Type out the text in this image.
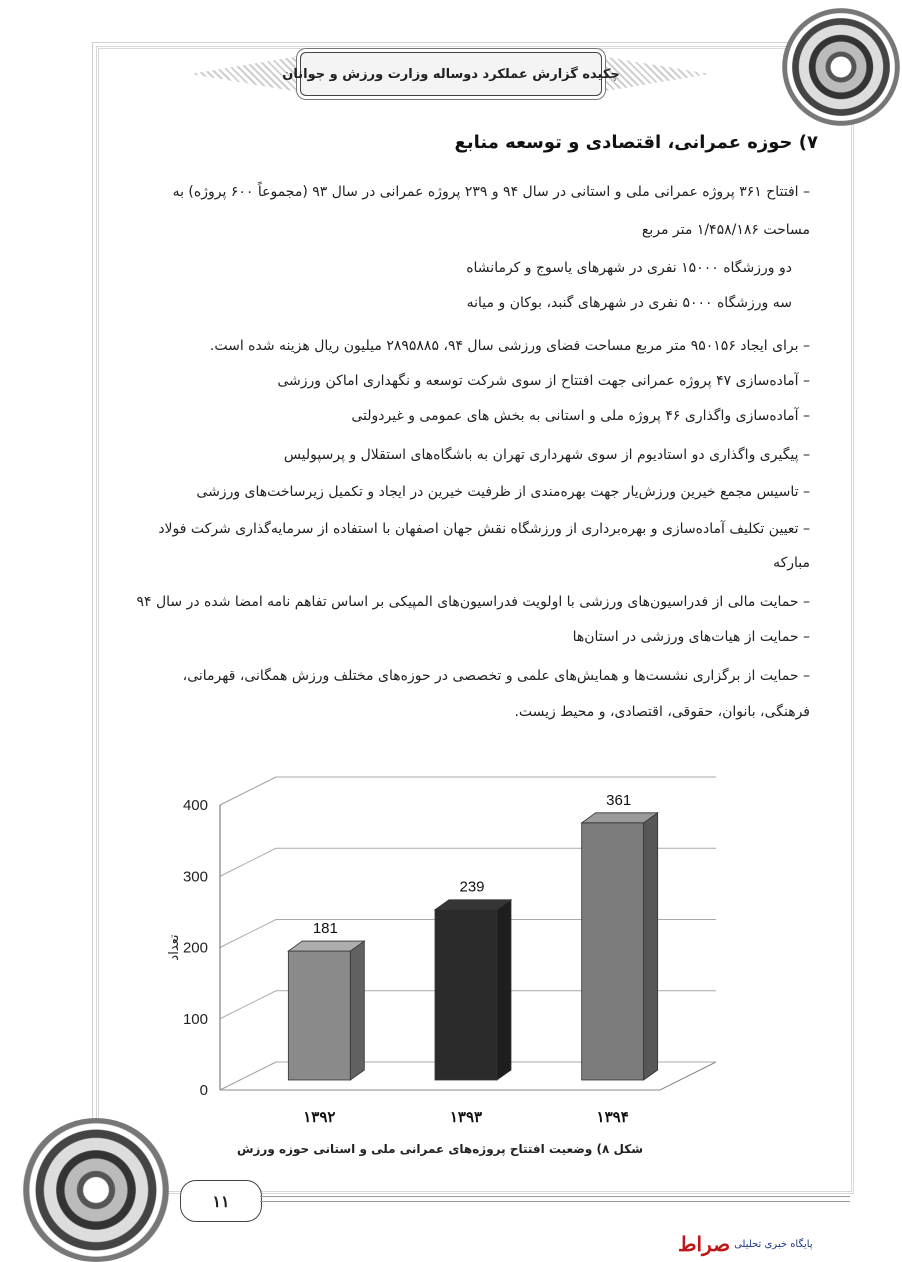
چکیده گزارش عملکرد دوساله وزارت ورزش و جوانان
۷) حوزه عمرانی، اقتصادی و توسعه منابع
– افتتاح ۳۶۱ پروژه عمرانی ملی و استانی در سال ۹۴ و ۲۳۹ پروژه عمرانی در سال ۹۳ (مجموعاً ۶۰۰ پروژه) به
مساحت ۱/۴۵۸/۱۸۶ متر مربع
دو ورزشگاه ۱۵۰۰۰ نفری در شهرهای یاسوج و کرمانشاه
سه ورزشگاه ۵۰۰۰ نفری در شهرهای گنبد، بوکان و میانه
– برای ایجاد ۹۵۰۱۵۶ متر مربع مساحت فضای ورزشی سال ۹۴، ۲۸۹۵۸۸۵ میلیون ریال هزینه شده است.
– آماده‌سازی ۴۷ پروژه عمرانی جهت افتتاح از سوی شرکت توسعه و نگهداری اماکن ورزشی
– آماده‌سازی واگذاری ۴۶ پروژه ملی و استانی به بخش های عمومی و غیردولتی
– پیگیری واگذاری دو استادیوم از سوی شهرداری تهران به باشگاه‌های استقلال و پرسپولیس
– تاسیس مجمع خیرین ورزش‌یار جهت بهره‌مندی از ظرفیت خیرین در ایجاد و تکمیل زیرساخت‌های ورزشی
– تعیین تکلیف آماده‌سازی و بهره‌برداری از ورزشگاه نقش جهان اصفهان با استفاده از سرمایه‌گذاری شرکت فولاد
مبارکه
– حمایت مالی از فدراسیون‌های ورزشی با اولویت فدراسیون‌های المپیکی بر اساس تفاهم نامه امضا شده در سال ۹۴
– حمایت از هیات‌های ورزشی در استان‌ها
– حمایت از برگزاری نشست‌ها و همایش‌های علمی و تخصصی در حوزه‌های مختلف ورزش همگانی، قهرمانی،
فرهنگی، بانوان، حقوقی، اقتصادی، و محیط زیست.
0
100
200
300
400
تعداد
181
۱۳۹۲
239
۱۳۹۳
361
۱۳۹۴
شکل ۸) وضعیت افتتاح پروژه‌های عمرانی ملی و استانی حوزه ورزش
۱۱
پایگاه خبری تحلیلی
صراط
